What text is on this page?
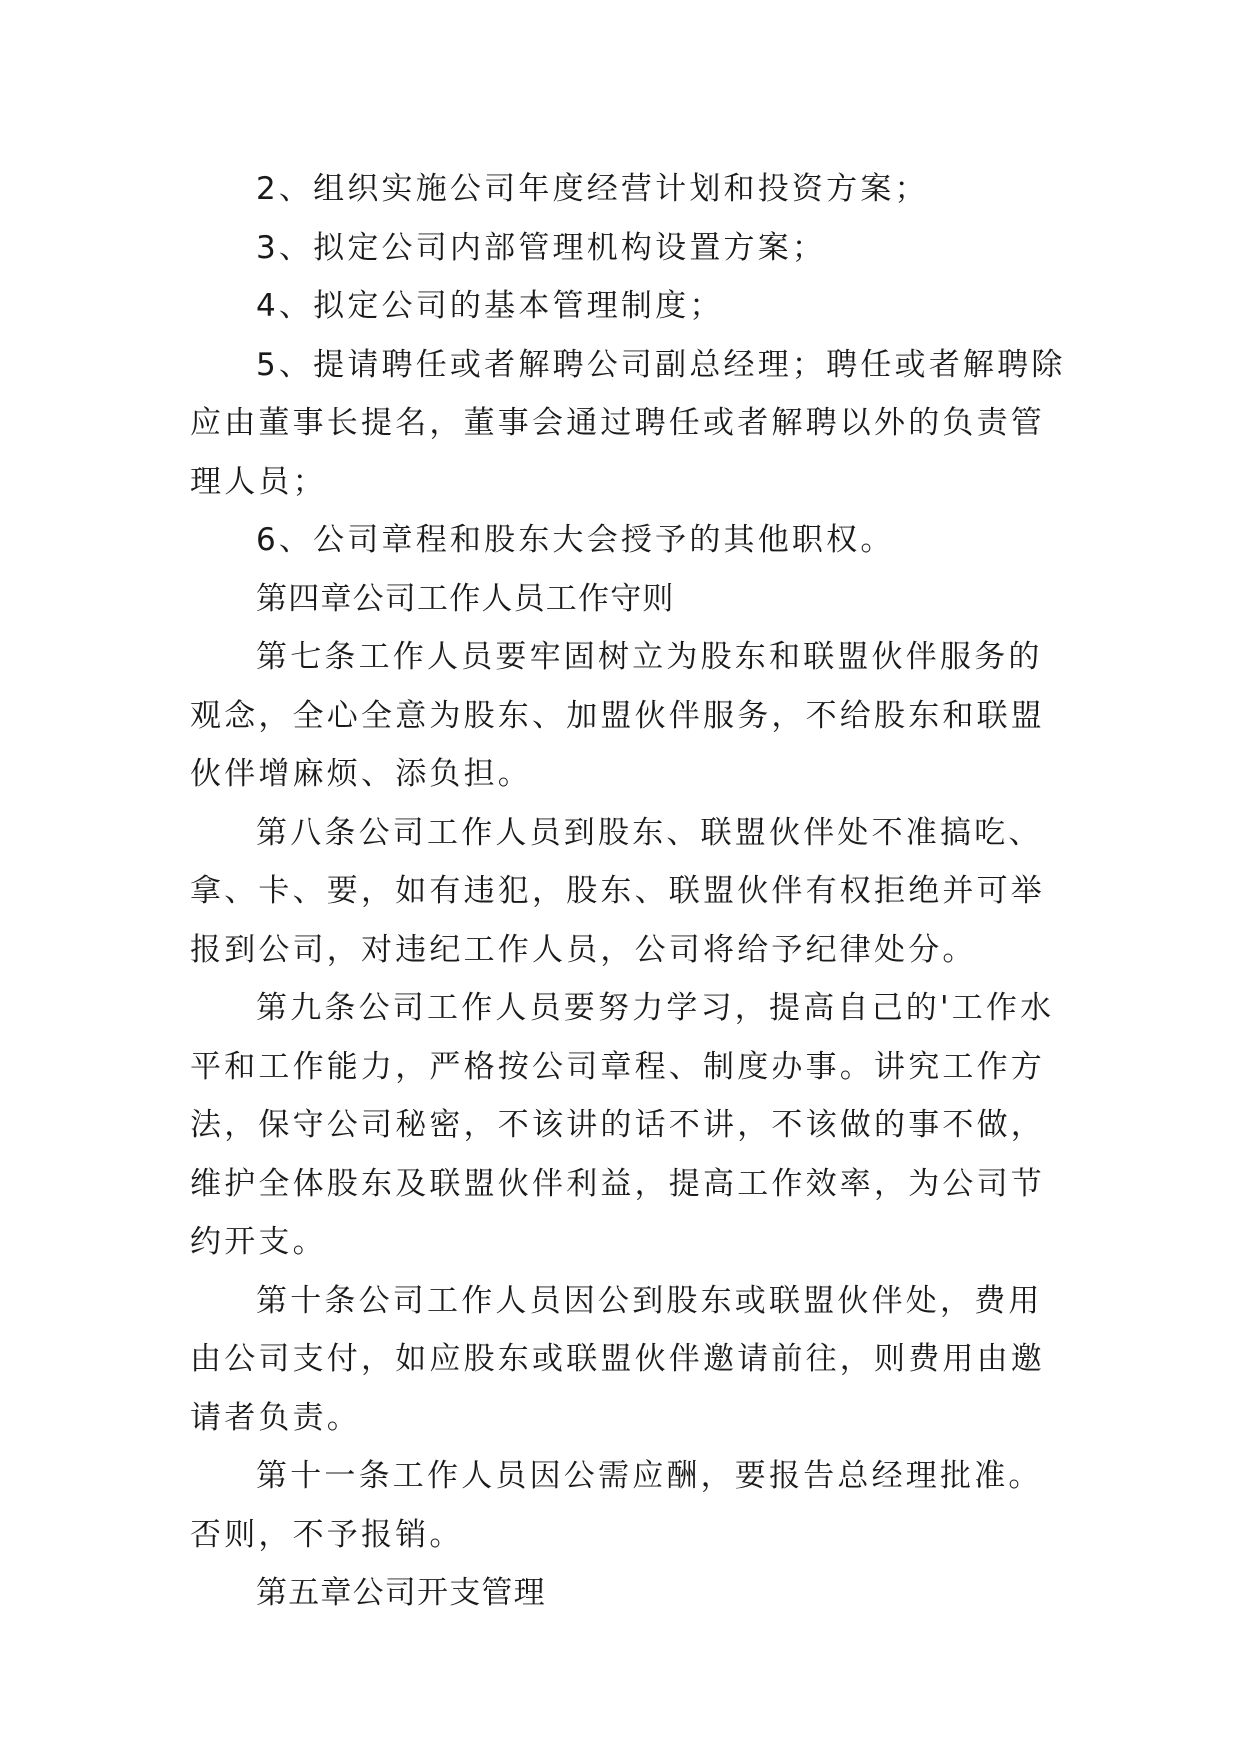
2、组织实施公司年度经营计划和投资方案；

3、拟定公司内部管理机构设置方案；

4、拟定公司的基本管理制度；

5、提请聘任或者解聘公司副总经理；聘任或者解聘除应由董事长提名，董事会通过聘任或者解聘以外的负责管理人员；

6、公司章程和股东大会授予的其他职权。

第四章公司工作人员工作守则

第七条工作人员要牢固树立为股东和联盟伙伴服务的观念，全心全意为股东、加盟伙伴服务，不给股东和联盟伙伴增麻烦、添负担。

第八条公司工作人员到股东、联盟伙伴处不准搞吃、拿、卡、要，如有违犯，股东、联盟伙伴有权拒绝并可举报到公司，对违纪工作人员，公司将给予纪律处分。

第九条公司工作人员要努力学习，提高自己的'工作水平和工作能力，严格按公司章程、制度办事。讲究工作方法，保守公司秘密，不该讲的话不讲，不该做的事不做，维护全体股东及联盟伙伴利益，提高工作效率，为公司节约开支。

第十条公司工作人员因公到股东或联盟伙伴处，费用由公司支付，如应股东或联盟伙伴邀请前往，则费用由邀请者负责。

第十一条工作人员因公需应酬，要报告总经理批准。否则，不予报销。

第五章公司开支管理
